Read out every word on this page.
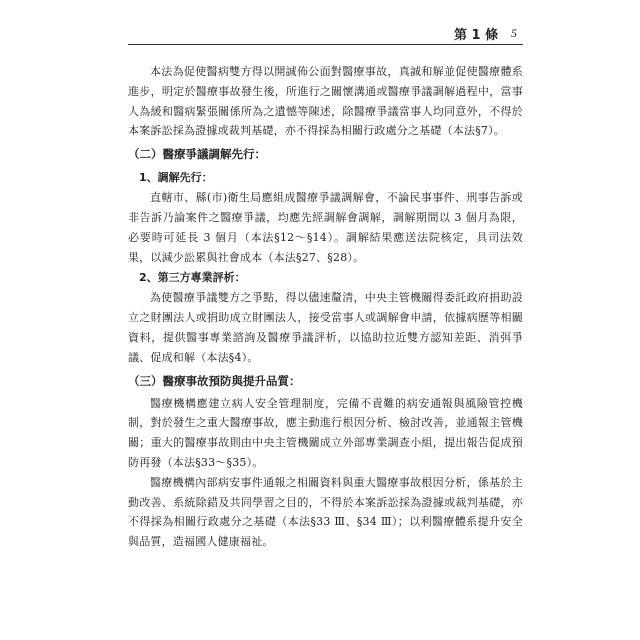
第 1 條 5

本法為促使醫病雙方得以開誠佈公面對醫療事故，真誠和解並促使醫療體系進步，明定於醫療事故發生後，所進行之關懷溝通或醫療爭議調解過程中，當事人為緩和醫病緊張關係所為之遺憾等陳述，除醫療爭議當事人均同意外，不得於本案訴訟採為證據或裁判基礎，亦不得採為相關行政處分之基礎（本法§7）。

（二）醫療爭議調解先行：

1、調解先行：

直轄市、縣(市)衛生局應組成醫療爭議調解會，不論民事事件、刑事告訴或非告訴乃論案件之醫療爭議，均應先經調解會調解，調解期間以 3 個月為限，必要時可延長 3 個月（本法§12～§14）。調解結果應送法院核定，具司法效果，以減少訟累與社會成本（本法§27、§28）。

2、第三方專業評析：

為使醫療爭議雙方之爭點，得以儘速釐清，中央主管機關得委託政府捐助設立之財團法人或捐助成立財團法人，接受當事人或調解會申請，依據病歷等相關資料，提供醫事專業諮詢及醫療爭議評析，以協助拉近雙方認知差距、消弭爭議、促成和解（本法§4）。

（三）醫療事故預防與提升品質：

醫療機構應建立病人安全管理制度，完備不責難的病安通報與風險管控機制，對於發生之重大醫療事故，應主動進行根因分析、檢討改善，並通報主管機關；重大的醫療事故則由中央主管機關成立外部專業調查小組，提出報告促成預防再發（本法§33～§35）。

醫療機構內部病安事件通報之相關資料與重大醫療事故根因分析，係基於主動改善、系統除錯及共同學習之目的，不得於本案訴訟採為證據或裁判基礎，亦不得採為相關行政處分之基礎（本法§33 Ⅲ、§34 Ⅲ）；以利醫療體系提升安全與品質，造福國人健康福祉。
